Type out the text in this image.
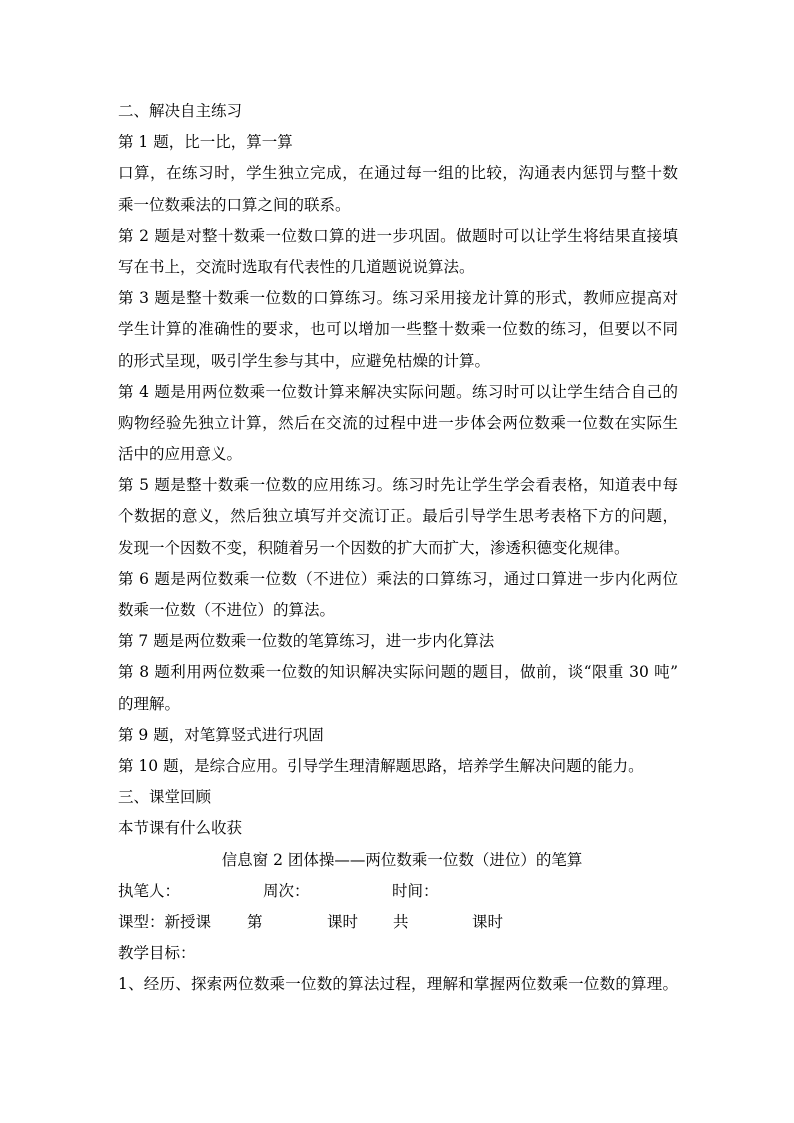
二、解决自主练习
第 1 题，比一比，算一算
口算，在练习时，学生独立完成，在通过每一组的比较，沟通表内惩罚与整十数
乘一位数乘法的口算之间的联系。
第 2 题是对整十数乘一位数口算的进一步巩固。做题时可以让学生将结果直接填
写在书上，交流时选取有代表性的几道题说说算法。
第 3 题是整十数乘一位数的口算练习。练习采用接龙计算的形式，教师应提高对
学生计算的准确性的要求，也可以增加一些整十数乘一位数的练习，但要以不同
的形式呈现，吸引学生参与其中，应避免枯燥的计算。
第 4 题是用两位数乘一位数计算来解决实际问题。练习时可以让学生结合自己的
购物经验先独立计算，然后在交流的过程中进一步体会两位数乘一位数在实际生
活中的应用意义。
第 5 题是整十数乘一位数的应用练习。练习时先让学生学会看表格，知道表中每
个数据的意义，然后独立填写并交流订正。最后引导学生思考表格下方的问题，
发现一个因数不变，积随着另一个因数的扩大而扩大，渗透积德变化规律。
第 6 题是两位数乘一位数（不进位）乘法的口算练习，通过口算进一步内化两位
数乘一位数（不进位）的算法。
第 7 题是两位数乘一位数的笔算练习，进一步内化算法
第 8 题利用两位数乘一位数的知识解决实际问题的题目，做前，谈“限重 30 吨”
的理解。
第 9 题，对笔算竖式进行巩固
第 10 题，是综合应用。引导学生理清解题思路，培养学生解决问题的能力。
三、课堂回顾
本节课有什么收获
信息窗 2 团体操——两位数乘一位数（进位）的笔算
执笔人：	周次：	时间：
课型：新授课 第	课时 共	课时
教学目标：
1、经历、探索两位数乘一位数的算法过程，理解和掌握两位数乘一位数的算理。
